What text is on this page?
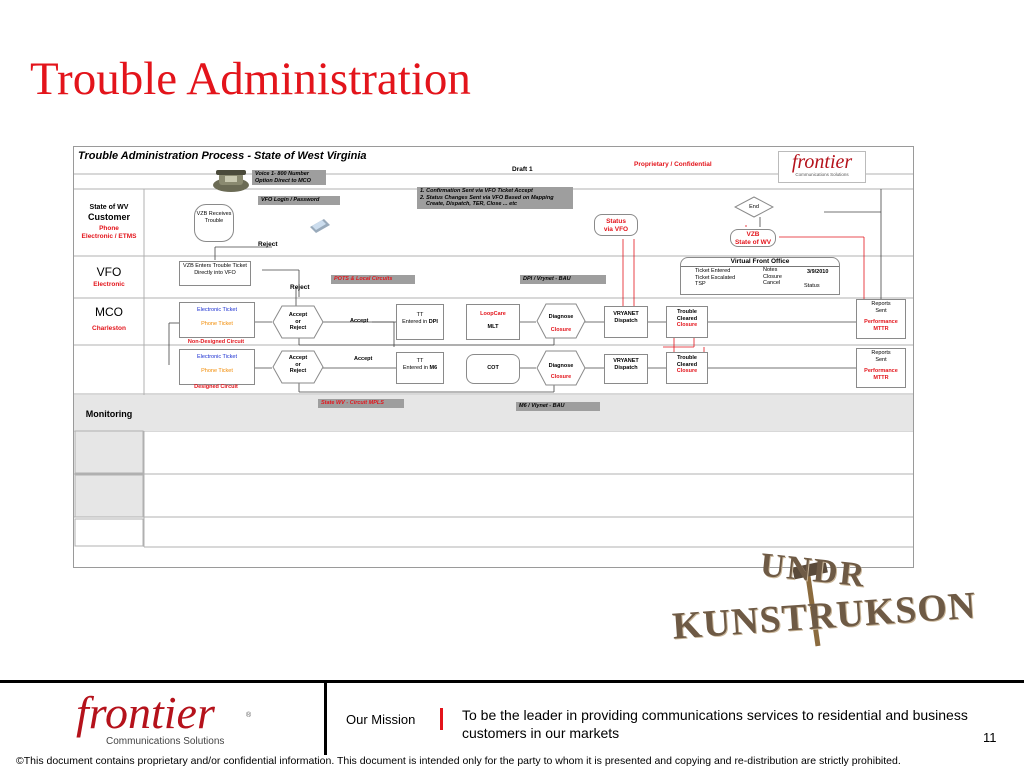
Trouble Administration
Trouble Administration Process - State of West Virginia
Draft 1
Proprietary / Confidential	frontier
Communications Solutions
State of WV
Customer
Phone
Electronic / ETMS
VFO
Electronic
MCO
Charleston
Monitoring
Voice 1- 800 Number Option Direct to MCO
VFO Login / Password
1. Confirmation Sent via VFO Ticket Accept
2. Status Changes Sent via VFO Based on Mapping
Create, Dispatch, TER, Close ... etc
POTS & Local Circuits	DPI / Vrynet - BAU
State WV - Circuit MPLS	M6 / Vlynet - BAU
VZB Receives Trouble
Reject
End
Status
via VFO
VZB
State of WV
VZB Enters Trouble Ticket Directly into VFO
Reject
Virtual Front Office
Ticket Entered
Ticket Escalated
TSP
Notes
Closure
Cancel
3/9/2010
Status
Electronic Ticket
Phone Ticket
Non-Designed Circuit
Accept
or
Reject
Accept
TT
Entered in DPI
LoopCare
MLT
Diagnose
Closure
VRYANET
Dispatch
Trouble
Cleared
Closure
Reports
Sent
Performance
MTTR
Electronic Ticket
Phone Ticket
Designed Circuit
Accept
or
Reject
Accept	TT
Entered in M6	COT	Diagnose
Closure
VRYANET
Dispatch
Trouble
Cleared
Closure
Reports
Sent
Performance
MTTR
UNDR
KUNSTRUKSON
frontier	®
Communications Solutions
Our Mission	To be the leader in providing communications services to residential and business customers in our markets	11
©This document contains proprietary and/or confidential information. This document is intended only for the party to whom it is presented and copying and re-distribution are strictly prohibited.
